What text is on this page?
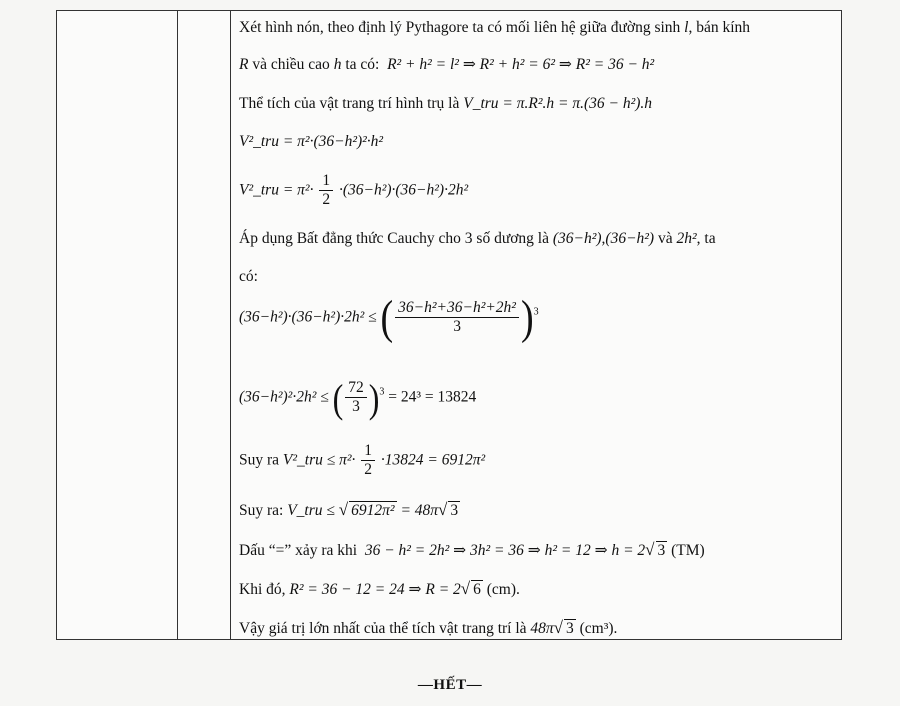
Xét hình nón, theo định lý Pythagore ta có mối liên hệ giữa đường sinh l, bán kính
R và chiều cao h ta có: R² + h² = l² ⇒ R² + h² = 6² ⇒ R² = 36 − h²
Thể tích của vật trang trí hình trụ là V_tru = π.R².h = π.(36 − h²).h
V²_tru = π²·(36−h²)²·h²
V²_tru = $\pi^2\cdot \frac{1}{2} \cdot(36-h^2)\cdot(36-h^2)\cdot 2h^2$
Áp dụng Bất đẳng thức Cauchy cho 3 số dương là (36−h²),(36−h²) và 2h², ta
có:
(36−h²)·(36−h²)·2h² ≤ ( $\frac{\text{36−h²+36−h²+2h²}}{3} )^3$
(36−h²)²·2h² ≤ ( $\frac{72}{3} )^3 = 24^3 = 13824$
Suy ra V²_tru ≤ $\pi^2\cdot \frac{1}{2} \cdot 13824 = 6912\pi^2$
Suy ra: V_tru ≤ √ 6912π² = 48π√ 3
Dấu “=” xảy ra khi 36 − h² = 2h² ⇒ 3h² = 36 ⇒ h² = 12 ⇒ h = 2√ 3 (TM)
Khi đó, R² = 36 − 12 = 24 ⇒ R = 2√ 6 (cm).
Vậy giá trị lớn nhất của thể tích vật trang trí là 48π√ 3 (cm³).
—HẾT—
